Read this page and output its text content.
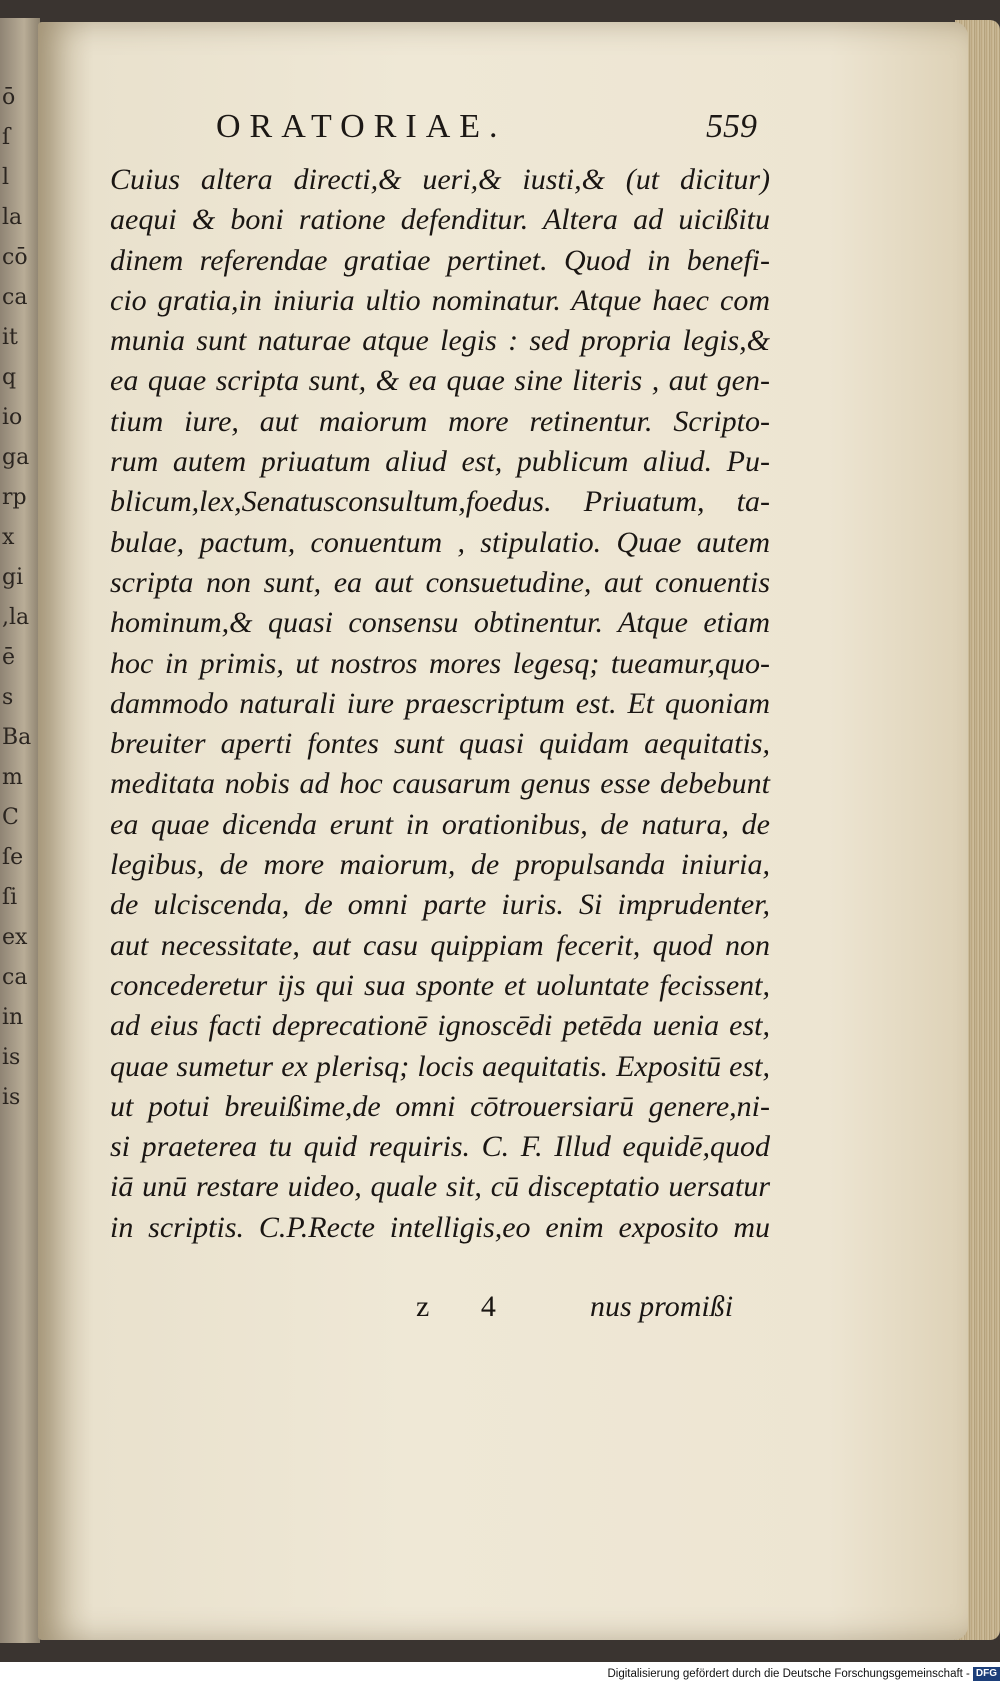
ō
ſ
l
la
cō
ca
it
q
io
ga
rp
x
gi
,la
ē
s
Ba
m
C
ſe
ſi
ex
ca
in
is
is
ORATORIAE.	559
Cuius altera directi,& ueri,& iusti,& (ut dicitur)
aequi & boni ratione defenditur. Altera ad uicißitu
dinem referendae gratiae pertinet. Quod in benefi-
cio gratia,in iniuria ultio nominatur. Atque haec com
munia sunt naturae atque legis : sed propria legis,&
ea quae scripta sunt, & ea quae sine literis , aut gen-
tium iure, aut maiorum more retinentur. Scripto-
rum autem priuatum aliud est, publicum aliud. Pu-
blicum,lex,Senatusconsultum,foedus. Priuatum, ta-
bulae, pactum, conuentum , stipulatio. Quae autem
scripta non sunt, ea aut consuetudine, aut conuentis
hominum,& quasi consensu obtinentur. Atque etiam
hoc in primis, ut nostros mores legesq; tueamur,quo-
dammodo naturali iure praescriptum est. Et quoniam
breuiter aperti fontes sunt quasi quidam aequitatis,
meditata nobis ad hoc causarum genus esse debebunt
ea quae dicenda erunt in orationibus, de natura, de
legibus, de more maiorum, de propulsanda iniuria,
de ulciscenda, de omni parte iuris. Si imprudenter,
aut necessitate, aut casu quippiam fecerit, quod non
concederetur ijs qui sua sponte et uoluntate fecissent,
ad eius facti deprecationē ignoscēdi petēda uenia est,
quae sumetur ex plerisq; locis aequitatis. Expositū est,
ut potui breuißime,de omni cōtrouersiarū genere,ni-
si praeterea tu quid requiris. C. F. Illud equidē,quod
iā unū restare uideo, quale sit, cū disceptatio uersatur
in scriptis. C.P.Recte intelligis,eo enim exposito mu
z 4 nus promißi
Digitalisierung gefördert durch die Deutsche Forschungsgemeinschaft - DFG
